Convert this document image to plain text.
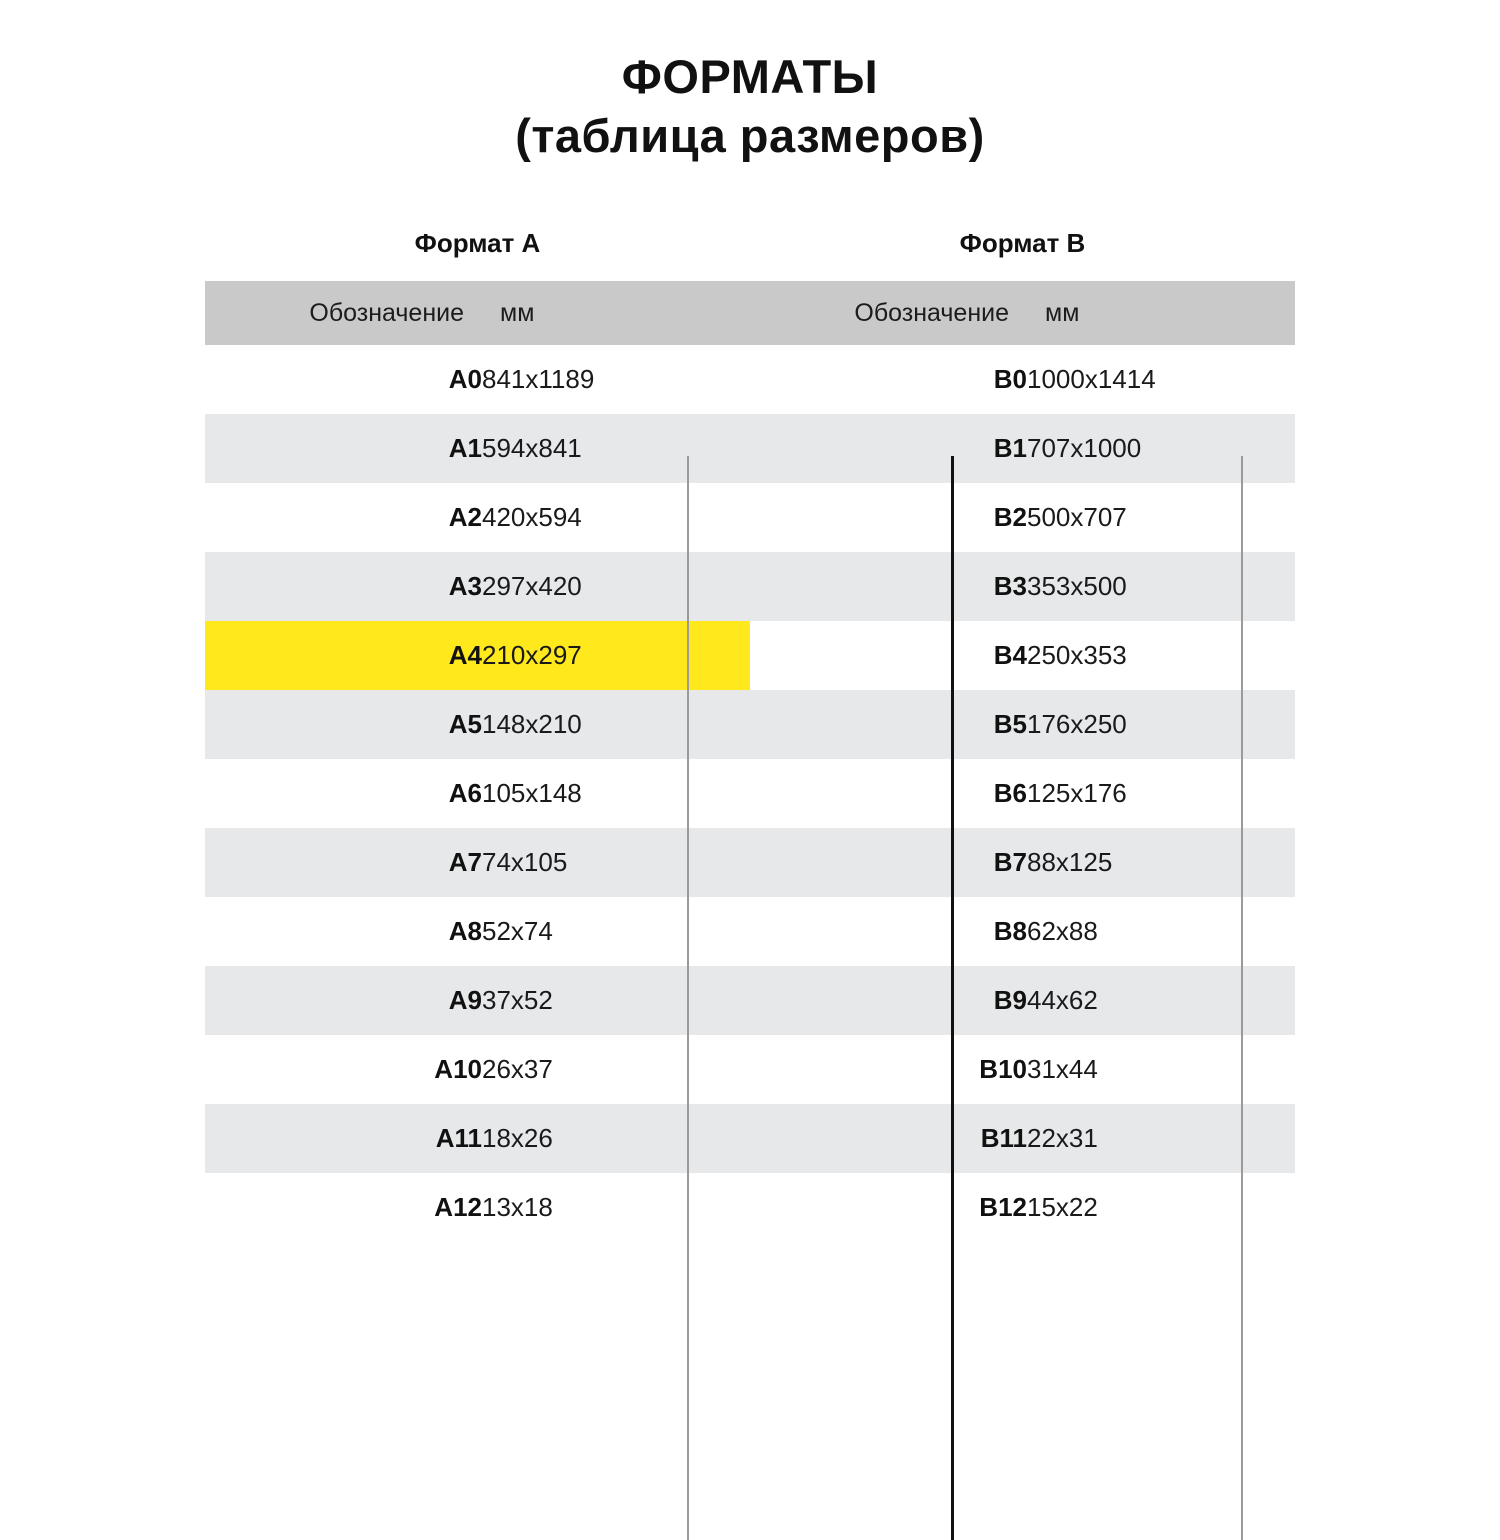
ФОРМАТЫ
(таблица размеров)
Формат А	Формат В
Обозначение	мм	Обозначение	мм
A0	841x1189	B0	1000x1414
A1	594x841	B1	707x1000
A2	420x594	B2	500x707
A3	297x420	B3	353x500
A4	210x297	B4	250x353
A5	148x210	B5	176x250
A6	105x148	B6	125x176
A7	74x105	B7	88x125
A8	52x74	B8	62x88
A9	37x52	B9	44x62
A10	26x37	B10	31x44
A11	18x26	B11	22x31
A12	13x18	B12	15x22
